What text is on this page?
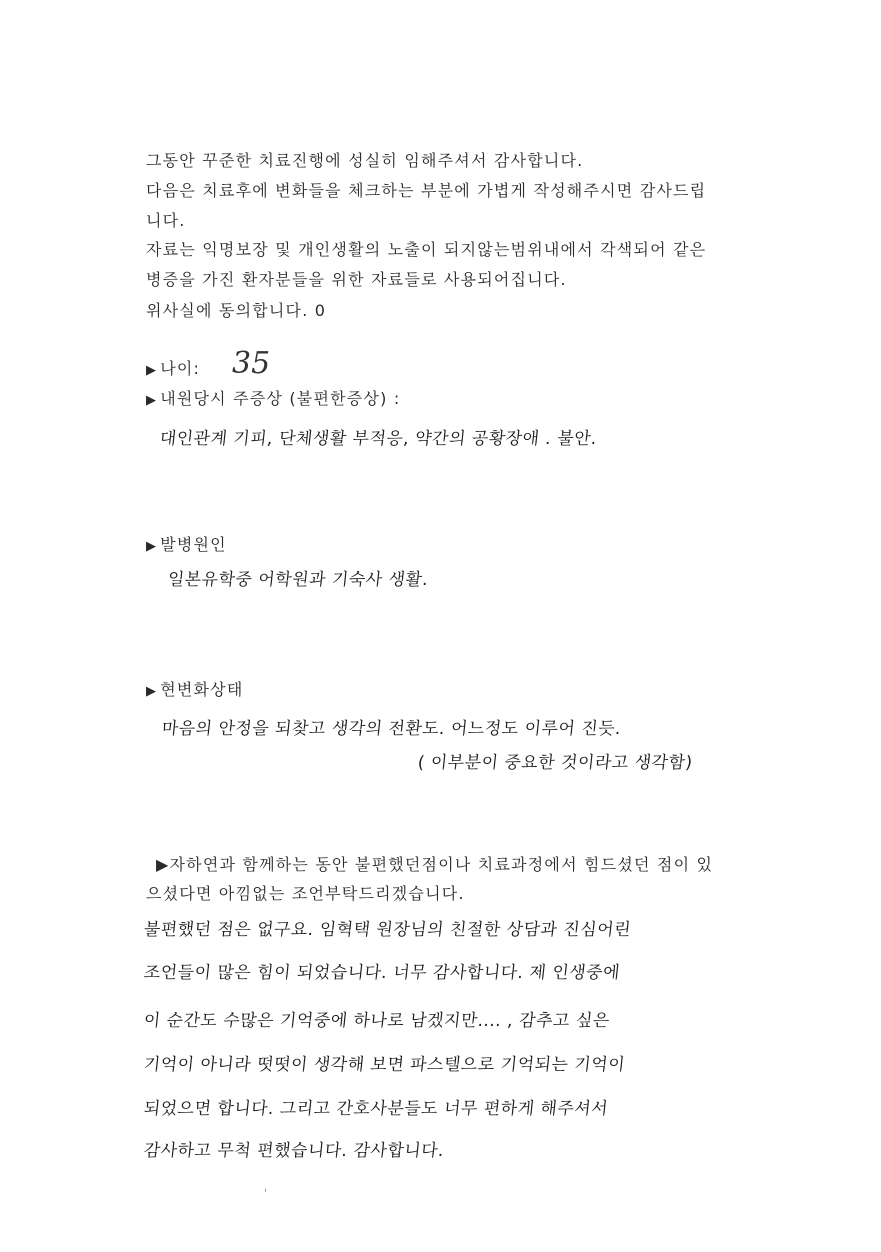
그동안 꾸준한 치료진행에 성실히 임해주셔서 감사합니다.
다음은 치료후에 변화들을 체크하는 부분에 가볍게 작성해주시면 감사드립
니다.
자료는 익명보장 및 개인생활의 노출이 되지않는범위내에서 각색되어 같은
병증을 가진 환자분들을 위한 자료들로 사용되어집니다.
위사실에 동의합니다. 0
▶ 나이: 35
▶ 내원당시 주증상 (불편한증상) :
대인관계 기피, 단체생활 부적응, 약간의 공황장애 . 불안.
▶ 발병원인
일본유학중 어학원과 기숙사 생활.
▶ 현변화상태
마음의 안정을 되찾고 생각의 전환도. 어느정도 이루어 진듯.
( 이부분이 중요한 것이라고 생각함)
▶자하연과 함께하는 동안 불편했던점이나 치료과정에서 힘드셨던 점이 있
으셨다면 아낌없는 조언부탁드리겠습니다.
불편했던 점은 없구요. 임혁택 원장님의 친절한 상담과 진심어린
조언들이 많은 힘이 되었습니다. 너무 감사합니다. 제 인생중에
이 순간도 수많은 기억중에 하나로 남겠지만.... , 감추고 싶은
기억이 아니라 떳떳이 생각해 보면 파스텔으로 기억되는 기억이
되었으면 합니다. 그리고 간호사분들도 너무 편하게 해주셔서
감사하고 무척 편했습니다. 감사합니다.
'
